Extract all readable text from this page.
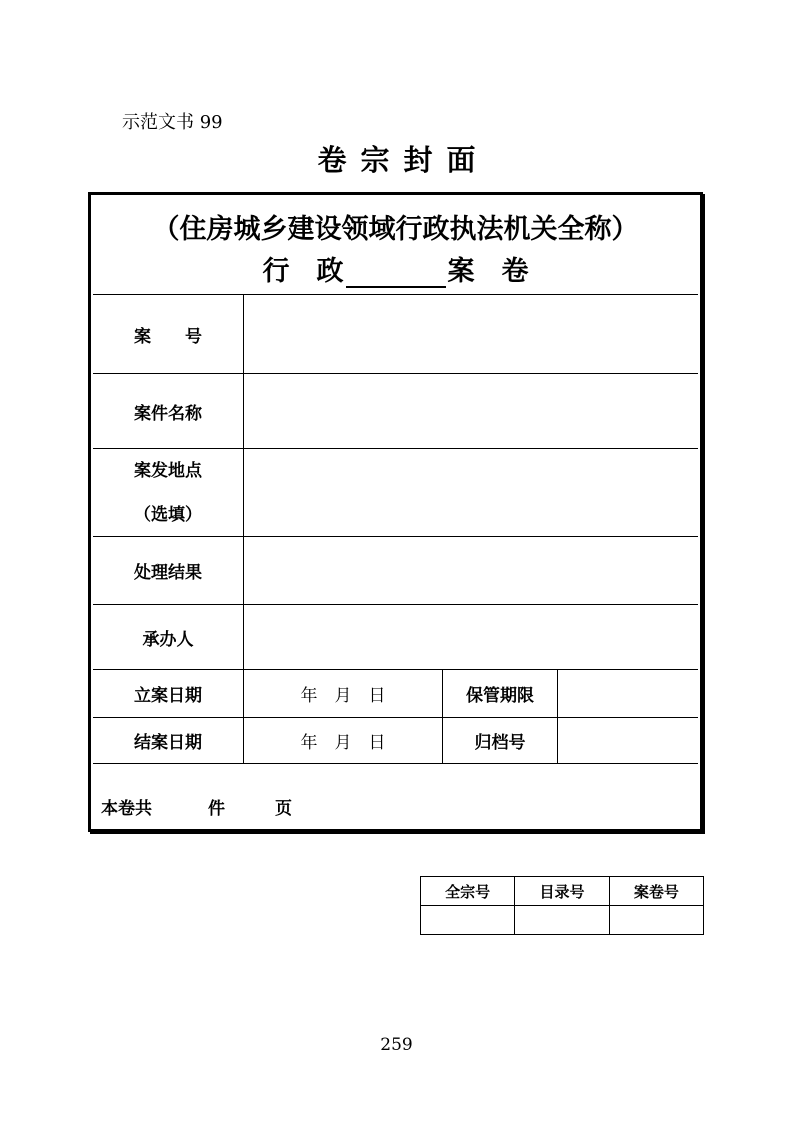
示范文书 99
卷宗封面
（住房城乡建设领域行政执法机关全称）
行　政	案　卷
案　　号
案件名称
案发地点
（选填）
处理结果
承办人
立案日期	年　月　日	保管期限
结案日期	年　月　日	归档号
本卷共	件	页
全宗号	目录号	案卷号

259
